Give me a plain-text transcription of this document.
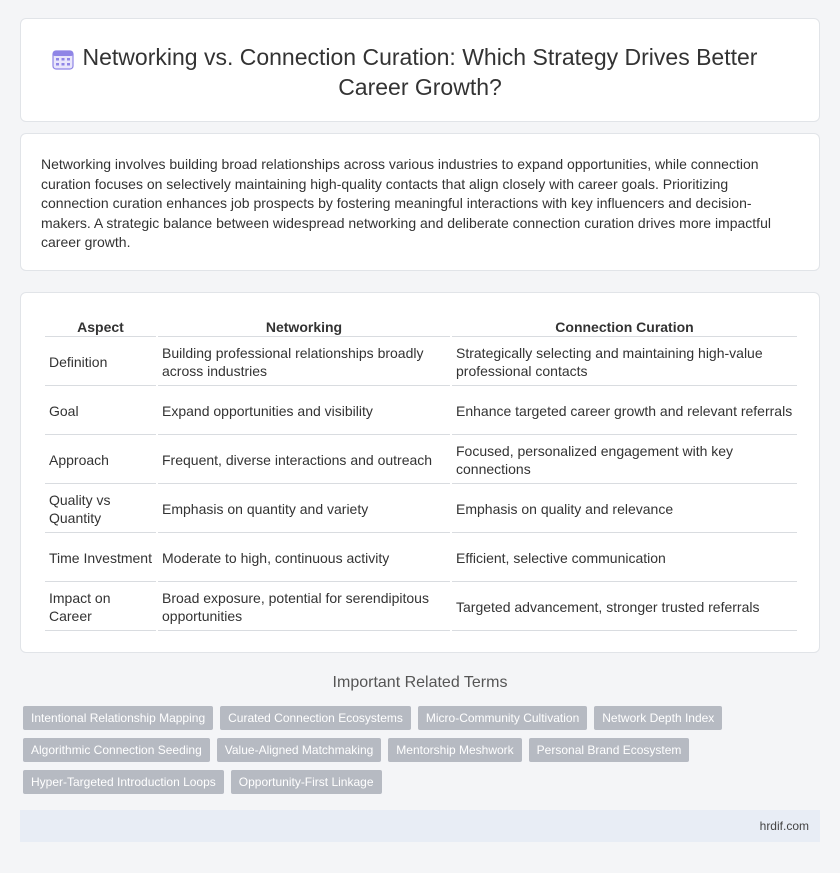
Networking vs. Connection Curation: Which Strategy Drives Better Career Growth?

Networking involves building broad relationships across various industries to expand opportunities, while connection curation focuses on selectively maintaining high-quality contacts that align closely with career goals. Prioritizing connection curation enhances job prospects by fostering meaningful interactions with key influencers and decision-makers. A strategic balance between widespread networking and deliberate connection curation drives more impactful career growth.

Aspect	Networking	Connection Curation
Definition	Building professional relationships broadly across industries	Strategically selecting and maintaining high-value professional contacts
Goal	Expand opportunities and visibility	Enhance targeted career growth and relevant referrals
Approach	Frequent, diverse interactions and outreach	Focused, personalized engagement with key connections
Quality vs Quantity	Emphasis on quantity and variety	Emphasis on quality and relevance
Time Investment	Moderate to high, continuous activity	Efficient, selective communication
Impact on Career	Broad exposure, potential for serendipitous opportunities	Targeted advancement, stronger trusted referrals
Important Related Terms
Intentional Relationship Mapping	Curated Connection Ecosystems	Micro-Community Cultivation	Network Depth Index
Algorithmic Connection Seeding	Value-Aligned Matchmaking	Mentorship Meshwork	Personal Brand Ecosystem
Hyper-Targeted Introduction Loops	Opportunity-First Linkage
hrdif.com
